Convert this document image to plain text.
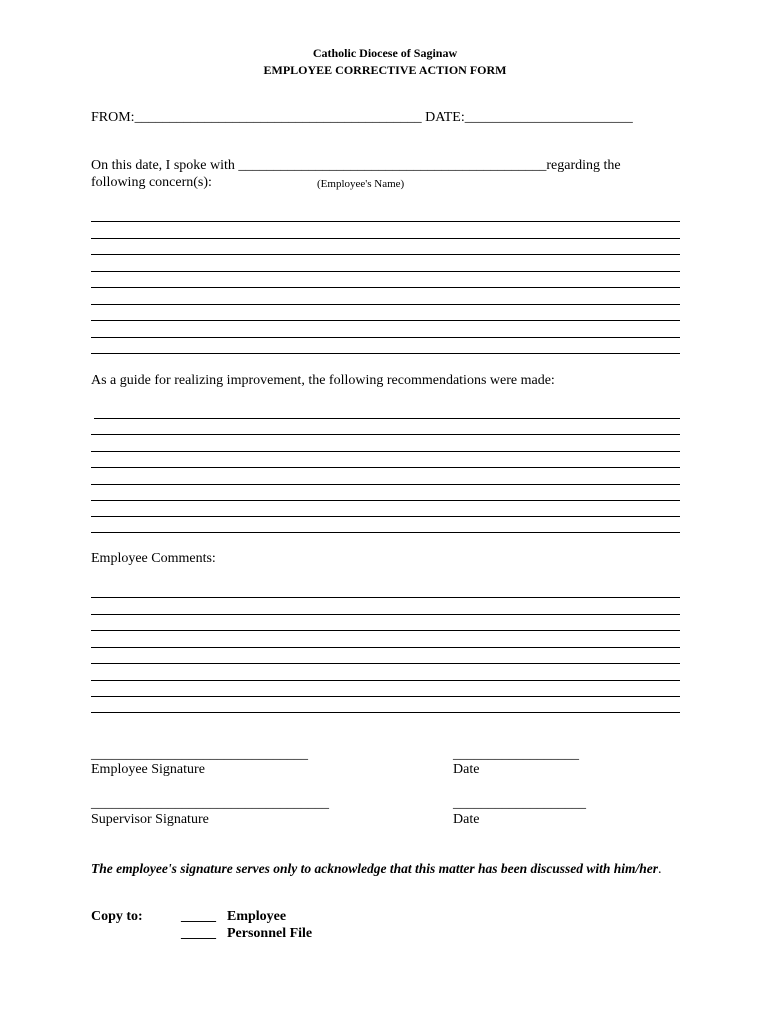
Catholic Diocese of Saginaw
EMPLOYEE CORRECTIVE ACTION FORM
FROM:_________________________________________ DATE:________________________
On this date, I spoke with ____________________________________________regarding the
following concern(s):	(Employee's Name)
As a guide for realizing improvement, the following recommendations were made:
Employee Comments:
_______________________________
Employee Signature
__________________
Date
__________________________________
Supervisor Signature
___________________
Date
The employee's signature serves only to acknowledge that this matter has been discussed with him/her.
Copy to:	_____ Employee
_____ Personnel File
